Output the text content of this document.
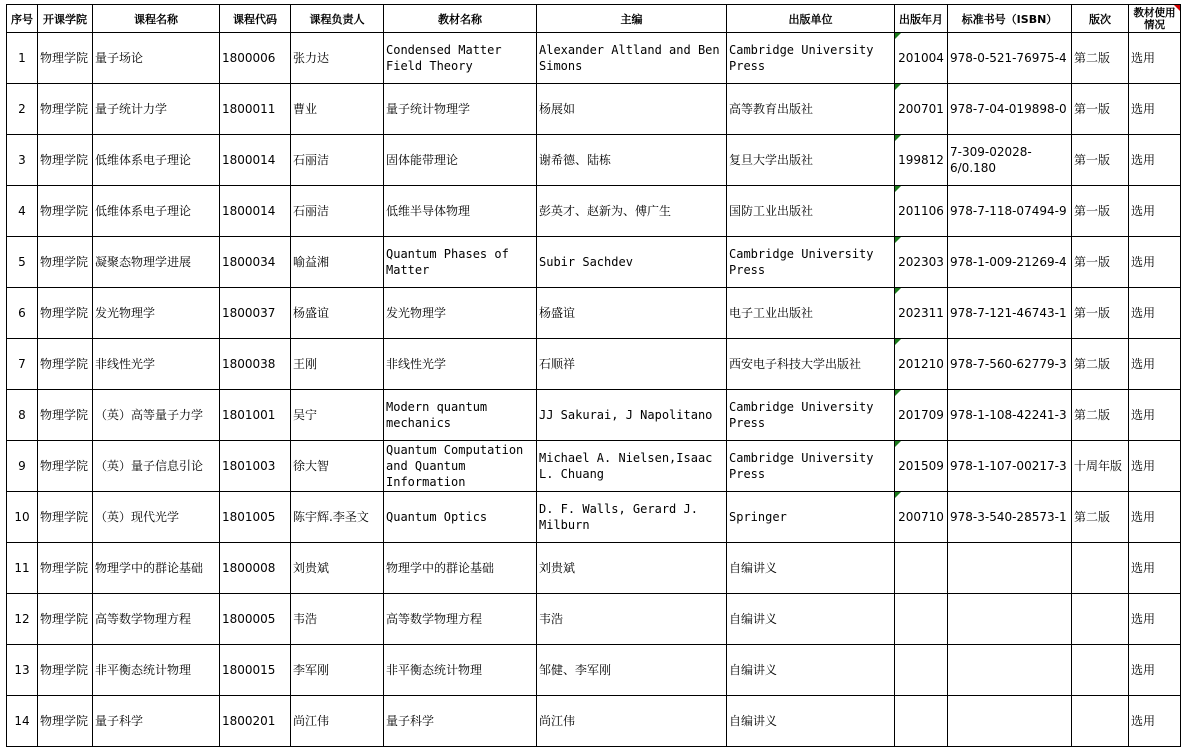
序号	开课学院	课程名称	课程代码	课程负责人	教材名称	主编	出版单位	出版年月	标准书号（ISBN）	版次	教材使用情况

1	物理学院	量子场论	1800006	张力达	Condensed Matter Field Theory	Alexander Altland and Ben Simons	Cambridge University Press	201004	978-0-521-76975-4	第二版	选用
2	物理学院	量子统计力学	1800011	曹业	量子统计物理学	杨展如	高等教育出版社	200701	978-7-04-019898-0	第一版	选用
3	物理学院	低维体系电子理论	1800014	石丽洁	固体能带理论	谢希德、陆栋	复旦大学出版社	199812	7-309-02028-6/0.180	第一版	选用
4	物理学院	低维体系电子理论	1800014	石丽洁	低维半导体物理	彭英才、赵新为、傅广生	国防工业出版社	201106	978-7-118-07494-9	第一版	选用
5	物理学院	凝聚态物理学进展	1800034	喻益湘	Quantum Phases of Matter	Subir Sachdev	Cambridge University Press	202303	978-1-009-21269-4	第一版	选用
6	物理学院	发光物理学	1800037	杨盛谊	发光物理学	杨盛谊	电子工业出版社	202311	978-7-121-46743-1	第一版	选用
7	物理学院	非线性光学	1800038	王刚	非线性光学	石顺祥	西安电子科技大学出版社	201210	978-7-560-62779-3	第二版	选用
8	物理学院	（英）高等量子力学	1801001	吴宁	Modern quantum mechanics	JJ Sakurai, J Napolitano	Cambridge University Press	201709	978-1-108-42241-3	第二版	选用
9	物理学院	（英）量子信息引论	1801003	徐大智	Quantum Computation and Quantum Information	Michael A. Nielsen,Isaac L. Chuang	Cambridge University Press	201509	978-1-107-00217-3	十周年版	选用
10	物理学院	（英）现代光学	1801005	陈宇辉.李圣文	Quantum Optics	D. F. Walls, Gerard J. Milburn	Springer	200710	978-3-540-28573-1	第二版	选用
11	物理学院	物理学中的群论基础	1800008	刘贵斌	物理学中的群论基础	刘贵斌	自编讲义				选用
12	物理学院	高等数学物理方程	1800005	韦浩	高等数学物理方程	韦浩	自编讲义				选用
13	物理学院	非平衡态统计物理	1800015	李军刚	非平衡态统计物理	邹健、李军刚	自编讲义				选用
14	物理学院	量子科学	1800201	尚江伟	量子科学	尚江伟	自编讲义				选用
